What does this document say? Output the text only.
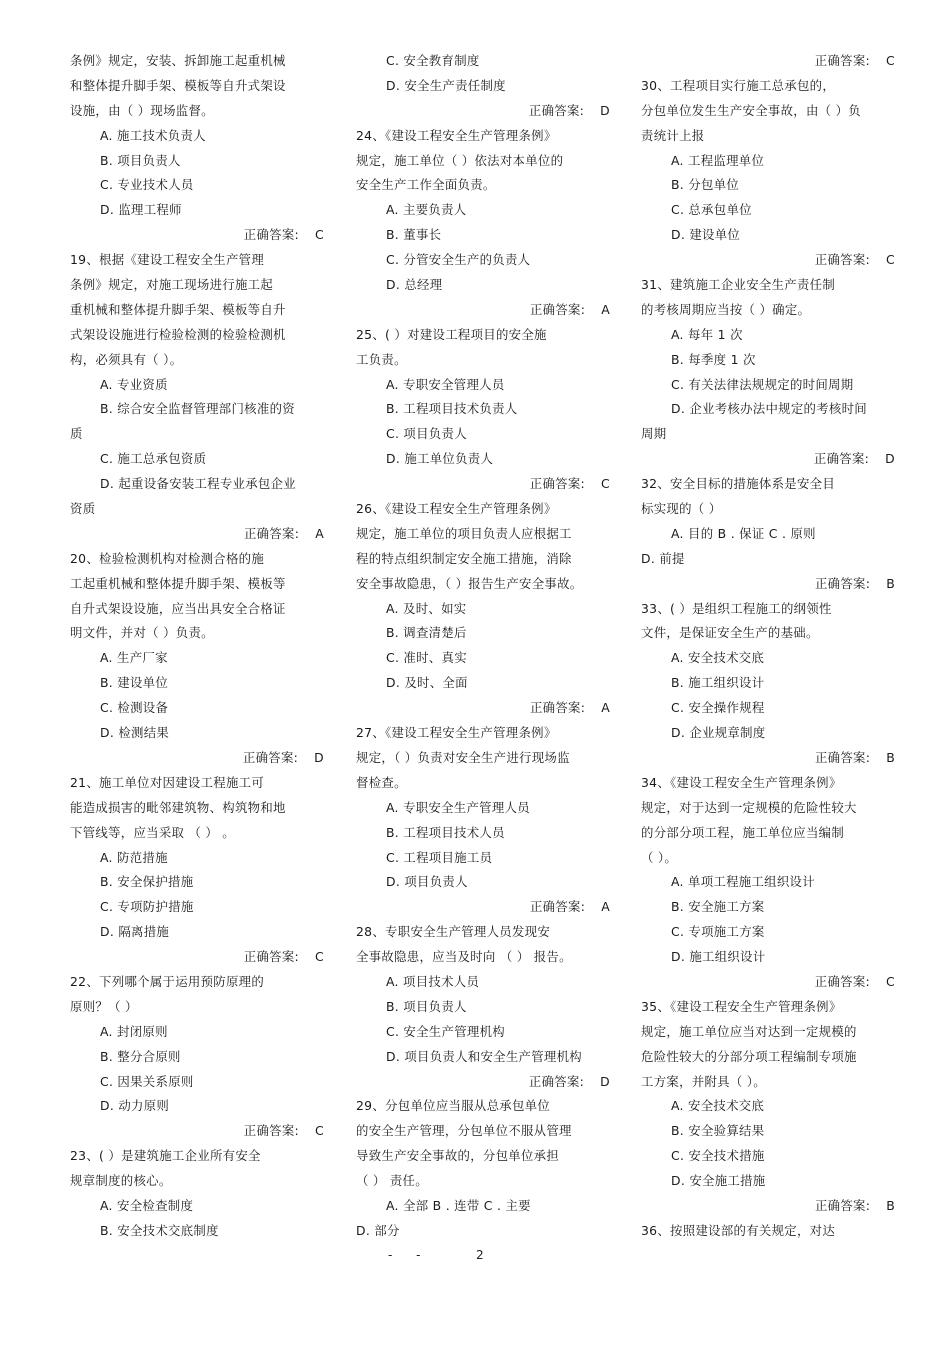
条例》规定，安装、拆卸施工起重机械
和整体提升脚手架、模板等自升式架设
设施，由（ ）现场监督。
A. 施工技术负责人
B. 项目负责人
C. 专业技术人员
D. 监理工程师
正确答案: C
19、根据《建设工程安全生产管理
条例》规定，对施工现场进行施工起
重机械和整体提升脚手架、模板等自升
式架设设施进行检验检测的检验检测机
构，必须具有（ ）。
A. 专业资质
B. 综合安全监督管理部门核准的资
质
C. 施工总承包资质
D. 起重设备安装工程专业承包企业
资质
正确答案: A
20、检验检测机构对检测合格的施
工起重机械和整体提升脚手架、模板等
自升式架设设施，应当出具安全合格证
明文件，并对（ ）负责。
A. 生产厂家
B. 建设单位
C. 检测设备
D. 检测结果
正确答案: D
21、施工单位对因建设工程施工可
能造成损害的毗邻建筑物、构筑物和地
下管线等，应当采取 （ ） 。
A. 防范措施
B. 安全保护措施
C. 专项防护措施
D. 隔离措施
正确答案: C
22、下列哪个属于运用预防原理的
原则？（ ）
A. 封闭原则
B. 整分合原则
C. 因果关系原则
D. 动力原则
正确答案: C
23、( ）是建筑施工企业所有安全
规章制度的核心。
A. 安全检查制度
B. 安全技术交底制度
C. 安全教育制度
D. 安全生产责任制度
正确答案: D
24、《建设工程安全生产管理条例》
规定，施工单位（ ）依法对本单位的
安全生产工作全面负责。
A. 主要负责人
B. 董事长
C. 分管安全生产的负责人
D. 总经理
正确答案: A
25、( ）对建设工程项目的安全施
工负责。
A. 专职安全管理人员
B. 工程项目技术负责人
C. 项目负责人
D. 施工单位负责人
正确答案: C
26、《建设工程安全生产管理条例》
规定，施工单位的项目负责人应根据工
程的特点组织制定安全施工措施，消除
安全事故隐患，（ ）报告生产安全事故。
A. 及时、如实
B. 调查清楚后
C. 准时、真实
D. 及时、全面
正确答案: A
27、《建设工程安全生产管理条例》
规定，（ ）负责对安全生产进行现场监
督检查。
A. 专职安全生产管理人员
B. 工程项目技术人员
C. 工程项目施工员
D. 项目负责人
正确答案: A
28、专职安全生产管理人员发现安
全事故隐患，应当及时向 （ ） 报告。
A. 项目技术人员
B. 项目负责人
C. 安全生产管理机构
D. 项目负责人和安全生产管理机构
正确答案: D
29、分包单位应当服从总承包单位
的安全生产管理，分包单位不服从管理
导致生产安全事故的，分包单位承担
（ ） 责任。
A. 全部 B . 连带 C . 主要
D. 部分
正确答案: C
30、工程项目实行施工总承包的，
分包单位发生生产安全事故，由（ ）负
责统计上报
A. 工程监理单位
B. 分包单位
C. 总承包单位
D. 建设单位
正确答案: C
31、建筑施工企业安全生产责任制
的考核周期应当按（ ）确定。
A. 每年 1 次
B. 每季度 1 次
C. 有关法律法规规定的时间周期
D. 企业考核办法中规定的考核时间
周期
正确答案: D
32、安全目标的措施体系是安全目
标实现的（ ）
A. 目的 B . 保证 C . 原则
D. 前提
正确答案: B
33、( ）是组织工程施工的纲领性
文件，是保证安全生产的基础。
A. 安全技术交底
B. 施工组织设计
C. 安全操作规程
D. 企业规章制度
正确答案: B
34、《建设工程安全生产管理条例》
规定，对于达到一定规模的危险性较大
的分部分项工程，施工单位应当编制
（ ）。
A. 单项工程施工组织设计
B. 安全施工方案
C. 专项施工方案
D. 施工组织设计
正确答案: C
35、《建设工程安全生产管理条例》
规定，施工单位应当对达到一定规模的
危险性较大的分部分项工程编制专项施
工方案，并附具（ ）。
A. 安全技术交底
B. 安全验算结果
C. 安全技术措施
D. 安全施工措施
正确答案: B
36、按照建设部的有关规定，对达
- -	2
